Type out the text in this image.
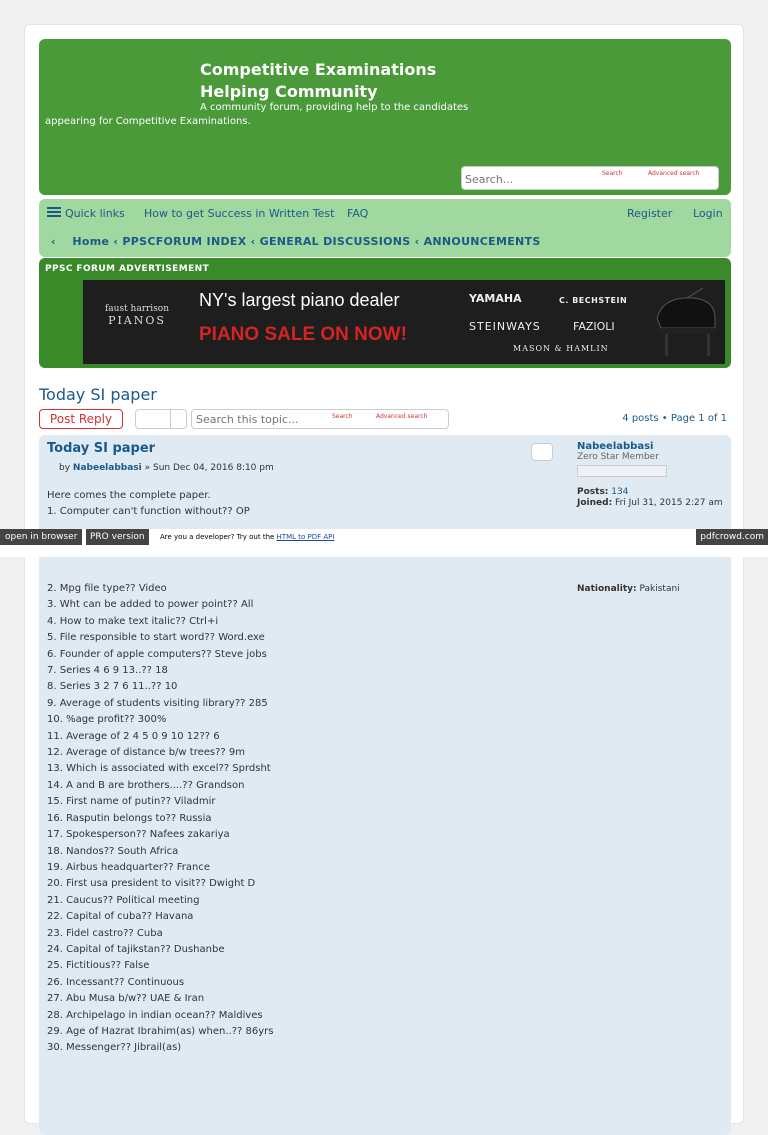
Competitive Examinations
Helping Community
A community forum, providing help to the candidates
appearing for Competitive Examinations.
Search...
Search	Advanced search
Quick links How to get Success in Written Test FAQ	Register Login
‹ Home ‹ PPSCFORUM INDEX ‹ GENERAL DISCUSSIONS ‹ ANNOUNCEMENTS
PPSC FORUM ADVERTISEMENT
faust harrison
PIANOS
NY's largest piano dealer
PIANO SALE ON NOW!
YAMAHA	C. BECHSTEIN
STEINWAYS	FAZIOLI
MASON & HAMLIN
Today SI paper
Post Reply
Search this topic...	Search	Advanced search	4 posts • Page 1 of 1
Today SI paper
by Nabeelabbasi » Sun Dec 04, 2016 8:10 pm
Here comes the complete paper.
1. Computer can't function without?? OP
2. Mpg file type?? Video
3. Wht can be added to power point?? All
4. How to make text italic?? Ctrl+i
5. File responsible to start word?? Word.exe
6. Founder of apple computers?? Steve jobs
7. Series 4 6 9 13..?? 18
8. Series 3 2 7 6 11..?? 10
9. Average of students visiting library?? 285
10. %age profit?? 300%
11. Average of 2 4 5 0 9 10 12?? 6
12. Average of distance b/w trees?? 9m
13. Which is associated with excel?? Sprdsht
14. A and B are brothers....?? Grandson
15. First name of putin?? Viladmir
16. Rasputin belongs to?? Russia
17. Spokesperson?? Nafees zakariya
18. Nandos?? South Africa
19. Airbus headquarter?? France
20. First usa president to visit?? Dwight D
21. Caucus?? Political meeting
22. Capital of cuba?? Havana
23. Fidel castro?? Cuba
24. Capital of tajikstan?? Dushanbe
25. Fictitious?? False
26. Incessant?? Continuous
27. Abu Musa b/w?? UAE & Iran
28. Archipelago in indian ocean?? Maldives
29. Age of Hazrat Ibrahim(as) when..?? 86yrs
30. Messenger?? Jibrail(as)
Nabeelabbasi
Zero Star Member
Posts: 134
Joined: Fri Jul 31, 2015 2:27 am
Nationality: Pakistani
open in browser	PRO version	Are you a developer? Try out the HTML to PDF API	pdfcrowd.com
